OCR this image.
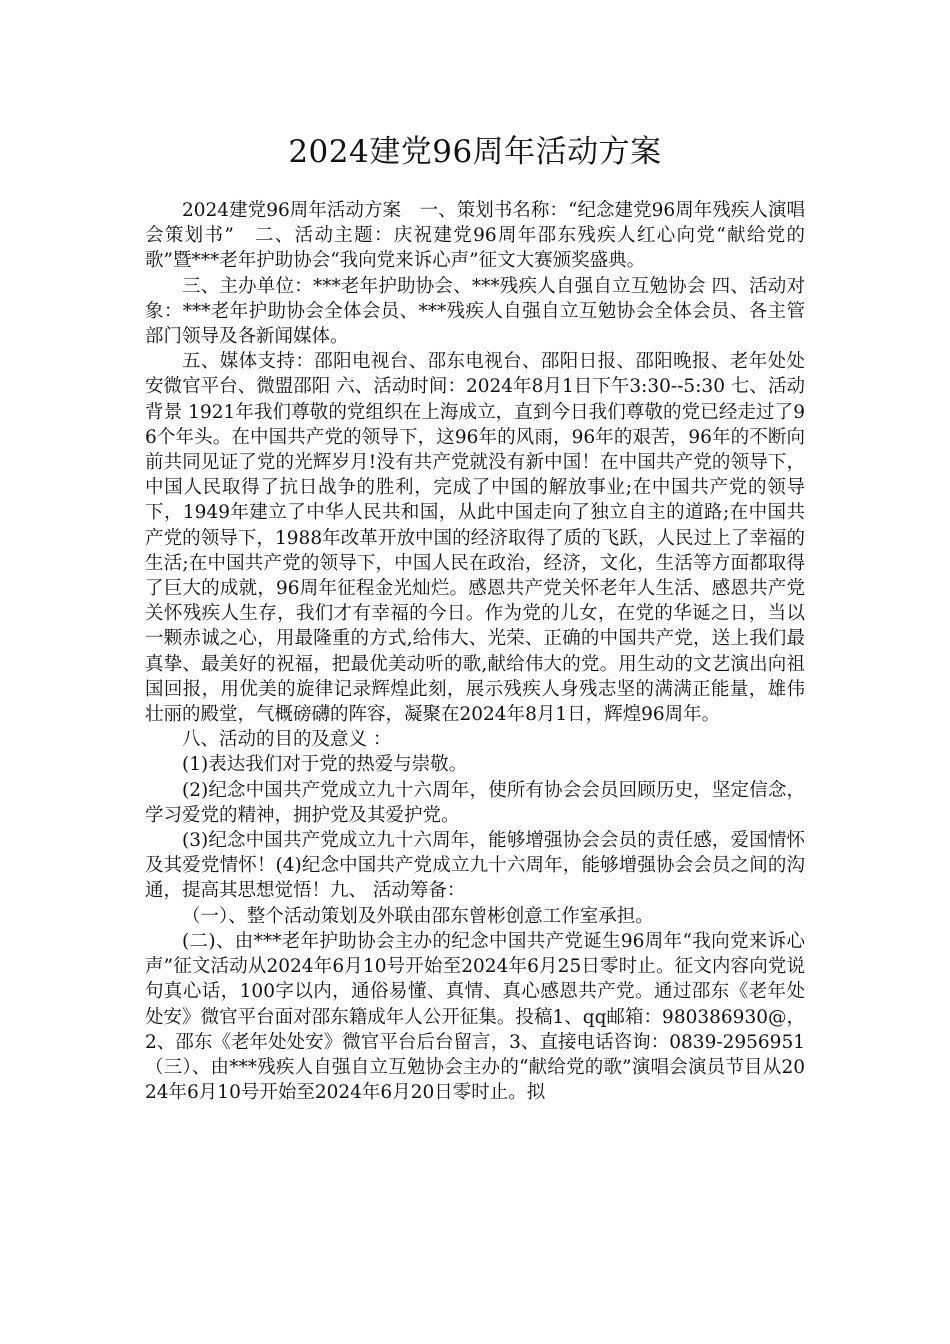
2024建党96周年活动方案

2024建党96周年活动方案　一、策划书名称：“纪念建党96周年残疾人演唱会策划书”　二、活动主题：庆祝建党96周年邵东残疾人红心向党“献给党的歌”暨***老年护助协会“我向党来诉心声”征文大赛颁奖盛典。

三、主办单位：***老年护助协会、***残疾人自强自立互勉协会 四、活动对象：***老年护助协会全体会员、***残疾人自强自立互勉协会全体会员、各主管部门领导及各新闻媒体。

五、媒体支持：邵阳电视台、邵东电视台、邵阳日报、邵阳晚报、老年处处安微官平台、微盟邵阳 六、活动时间：2024年8月1日下午3:30--5:30 七、活动背景 1921年我们尊敬的党组织在上海成立，直到今日我们尊敬的党已经走过了96个年头。在中国共产党的领导下，这96年的风雨，96年的艰苦，96年的不断向前共同见证了党的光辉岁月!没有共产党就没有新中国！在中国共产党的领导下，中国人民取得了抗日战争的胜利，完成了中国的解放事业;在中国共产党的领导下，1949年建立了中华人民共和国，从此中国走向了独立自主的道路;在中国共产党的领导下，1988年改革开放中国的经济取得了质的飞跃，人民过上了幸福的生活;在中国共产党的领导下，中国人民在政治，经济，文化，生活等方面都取得了巨大的成就，96周年征程金光灿烂。感恩共产党关怀老年人生活、感恩共产党关怀残疾人生存，我们才有幸福的今日。作为党的儿女，在党的华诞之日，当以一颗赤诚之心，用最隆重的方式,给伟大、光荣、正确的中国共产党，送上我们最真挚、最美好的祝福，把最优美动听的歌,献给伟大的党。用生动的文艺演出向祖国回报，用优美的旋律记录辉煌此刻，展示残疾人身残志坚的满满正能量，雄伟壮丽的殿堂，气概磅礴的阵容，凝聚在2024年8月1日，辉煌96周年。

八、活动的目的及意义 ：

(1)表达我们对于党的热爱与崇敬。

(2)纪念中国共产党成立九十六周年，使所有协会会员回顾历史，坚定信念，学习爱党的精神，拥护党及其爱护党。

(3)纪念中国共产党成立九十六周年，能够增强协会会员的责任感，爱国情怀及其爱党情怀！(4)纪念中国共产党成立九十六周年，能够增强协会会员之间的沟通，提高其思想觉悟！九、 活动筹备：

（一）、整个活动策划及外联由邵东曾彬创意工作室承担。

(二)、由***老年护助协会主办的纪念中国共产党诞生96周年“我向党来诉心声”征文活动从2024年6月10号开始至2024年6月25日零时止。征文内容向党说句真心话，100字以内，通俗易懂、真情、真心感恩共产党。通过邵东《老年处处安》微官平台面对邵东籍成年人公开征集。投稿1、qq邮箱：980386930@，2、邵东《老年处处安》微官平台后台留言，3、直接电话咨询：0839-2956951（三）、由***残疾人自强自立互勉协会主办的“献给党的歌”演唱会演员节目从2024年6月10号开始至2024年6月20日零时止。拟
